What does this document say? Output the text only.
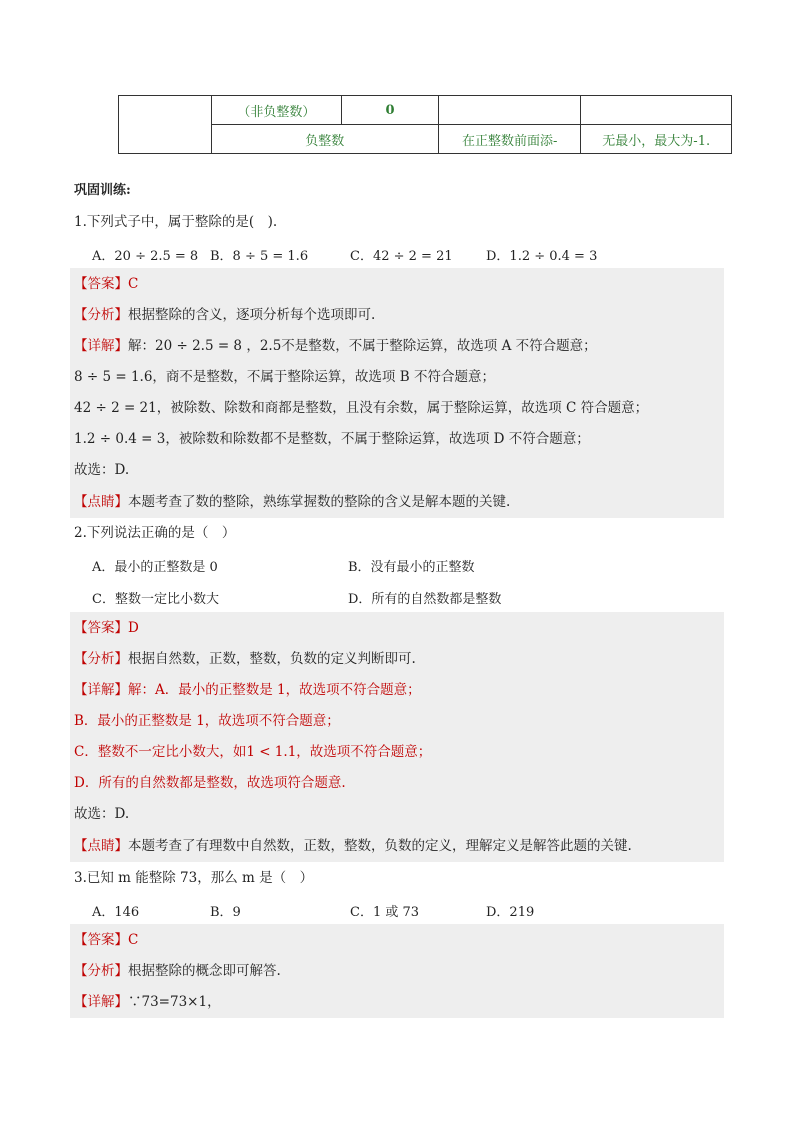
	（非负整数）	0		
	负整数		在正整数前面添-	无最小，最大为-1.
巩固训练:
1.下列式子中，属于整除的是(　).
A．20 ÷ 2.5 = 8 B．8 ÷ 5 = 1.6	C．42 ÷ 2 = 21	D．1.2 ÷ 0.4 = 3
【答案】C
【分析】根据整除的含义，逐项分析每个选项即可.
【详解】解：20 ÷ 2.5 = 8 ，2.5不是整数，不属于整除运算，故选项 A 不符合题意；
8 ÷ 5 = 1.6，商不是整数，不属于整除运算，故选项 B 不符合题意；
42 ÷ 2 = 21，被除数、除数和商都是整数，且没有余数，属于整除运算，故选项 C 符合题意；
1.2 ÷ 0.4 = 3，被除数和除数都不是整数，不属于整除运算，故选项 D 不符合题意；
故选：D.
【点睛】本题考查了数的整除，熟练掌握数的整除的含义是解本题的关键.
2.下列说法正确的是（　）
A．最小的正整数是 0	B．没有最小的正整数
C．整数一定比小数大	D．所有的自然数都是整数
【答案】D
【分析】根据自然数，正数，整数，负数的定义判断即可.
【详解】解：A．最小的正整数是 1，故选项不符合题意；
B．最小的正整数是 1，故选项不符合题意；
C．整数不一定比小数大，如1 < 1.1，故选项不符合题意；
D．所有的自然数都是整数，故选项符合题意.
故选：D.
【点睛】本题考查了有理数中自然数，正数，整数，负数的定义，理解定义是解答此题的关键.
3.已知 m 能整除 73，那么 m 是（　）
A．146	B．9	C．1 或 73	D．219
【答案】C
【分析】根据整除的概念即可解答.
【详解】∵73=73×1，
